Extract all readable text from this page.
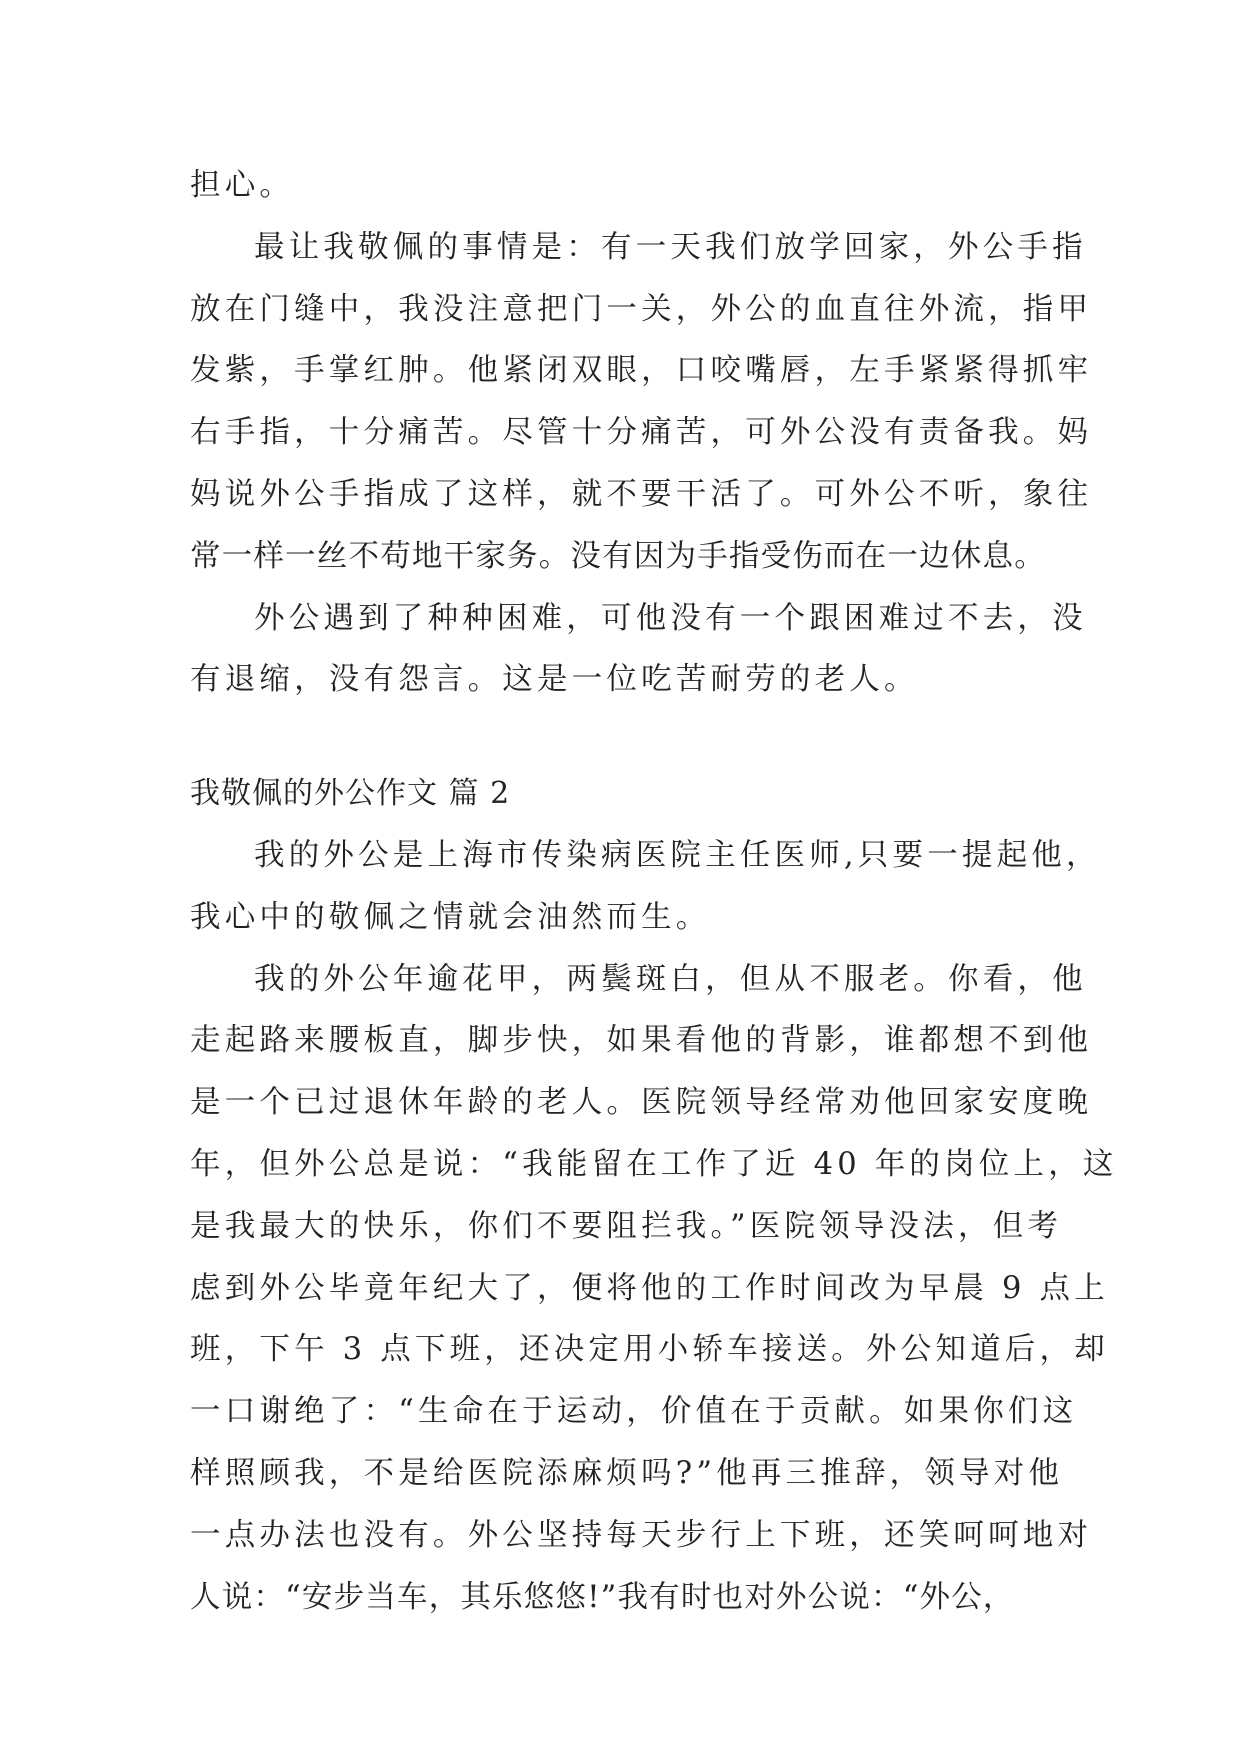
担心。
最让我敬佩的事情是：有一天我们放学回家，外公手指
放在门缝中，我没注意把门一关，外公的血直往外流，指甲
发紫，手掌红肿。他紧闭双眼，口咬嘴唇，左手紧紧得抓牢
右手指，十分痛苦。尽管十分痛苦，可外公没有责备我。妈
妈说外公手指成了这样，就不要干活了。可外公不听，象往
常一样一丝不苟地干家务。没有因为手指受伤而在一边休息。
外公遇到了种种困难，可他没有一个跟困难过不去，没
有退缩，没有怨言。这是一位吃苦耐劳的老人。
我敬佩的外公作文 篇 2
我的外公是上海市传染病医院主任医师,只要一提起他，
我心中的敬佩之情就会油然而生。
我的外公年逾花甲，两鬓斑白，但从不服老。你看，他
走起路来腰板直，脚步快，如果看他的背影，谁都想不到他
是一个已过退休年龄的老人。医院领导经常劝他回家安度晚
年，但外公总是说：“我能留在工作了近 40 年的岗位上，这
是我最大的快乐，你们不要阻拦我。”医院领导没法，但考
虑到外公毕竟年纪大了，便将他的工作时间改为早晨 9 点上
班，下午 3 点下班，还决定用小轿车接送。外公知道后，却
一口谢绝了：“生命在于运动，价值在于贡献。如果你们这
样照顾我，不是给医院添麻烦吗?”他再三推辞，领导对他
一点办法也没有。外公坚持每天步行上下班，还笑呵呵地对
人说：“安步当车，其乐悠悠!”我有时也对外公说：“外公，
